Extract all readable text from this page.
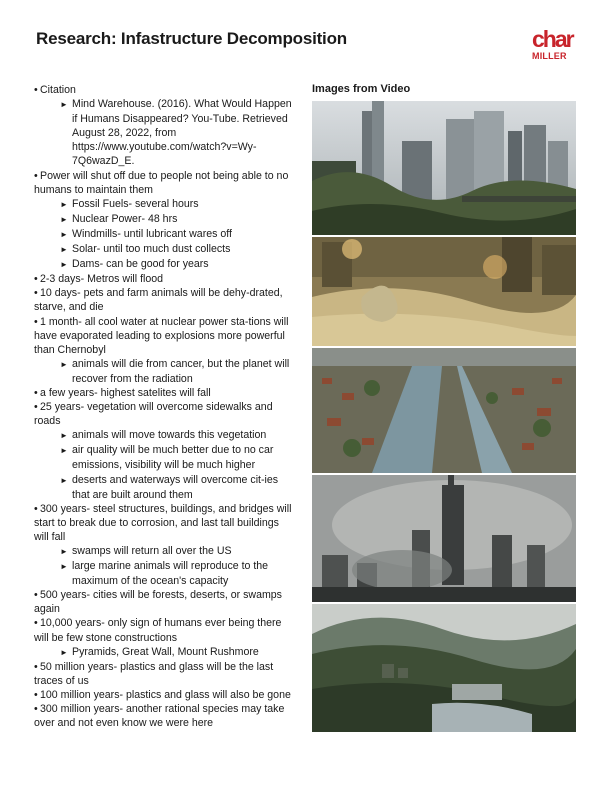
Research: Infastructure Decomposition	char
MILLER
• Citation
► Mind Warehouse. (2016). What Would Happen if Humans Disappeared? You-Tube. Retrieved August 28, 2022, from https://www.youtube.com/watch?v=Wy-7Q6wazD_E.
• Power will shut off due to people not being able to no humans to maintain them
► Fossil Fuels- several hours
► Nuclear Power- 48 hrs
► Windmills- until lubricant wares off
► Solar- until too much dust collects
► Dams- can be good for years
• 2-3 days- Metros will flood
• 10 days- pets and farm animals will be dehy-drated, starve, and die
• 1 month- all cool water at nuclear power sta-tions will have evaporated leading to explosions more powerful than Chernobyl
► animals will die from cancer, but the planet will recover from the radiation
• a few years- highest satelites will fall
• 25 years- vegetation will overcome sidewalks and roads
► animals will move towards this vegetation
► air quality will be much better due to no car emissions, visibility will be much higher
► deserts and waterways will overcome cit-ies that are built around them
• 300 years- steel structures, buildings, and bridges will start to break due to corrosion, and last tall buildings will fall
► swamps will return all over the US
► large marine animals will reproduce to the maximum of the ocean's capacity
• 500 years- cities will be forests, deserts, or swamps again
• 10,000 years- only sign of humans ever being there will be few stone constructions
► Pyramids, Great Wall, Mount Rushmore
• 50 million years- plastics and glass will be the last traces of us
• 100 million years- plastics and glass will also be gone
• 300 million years- another rational species may take over and not even know we were here
Images from Video
